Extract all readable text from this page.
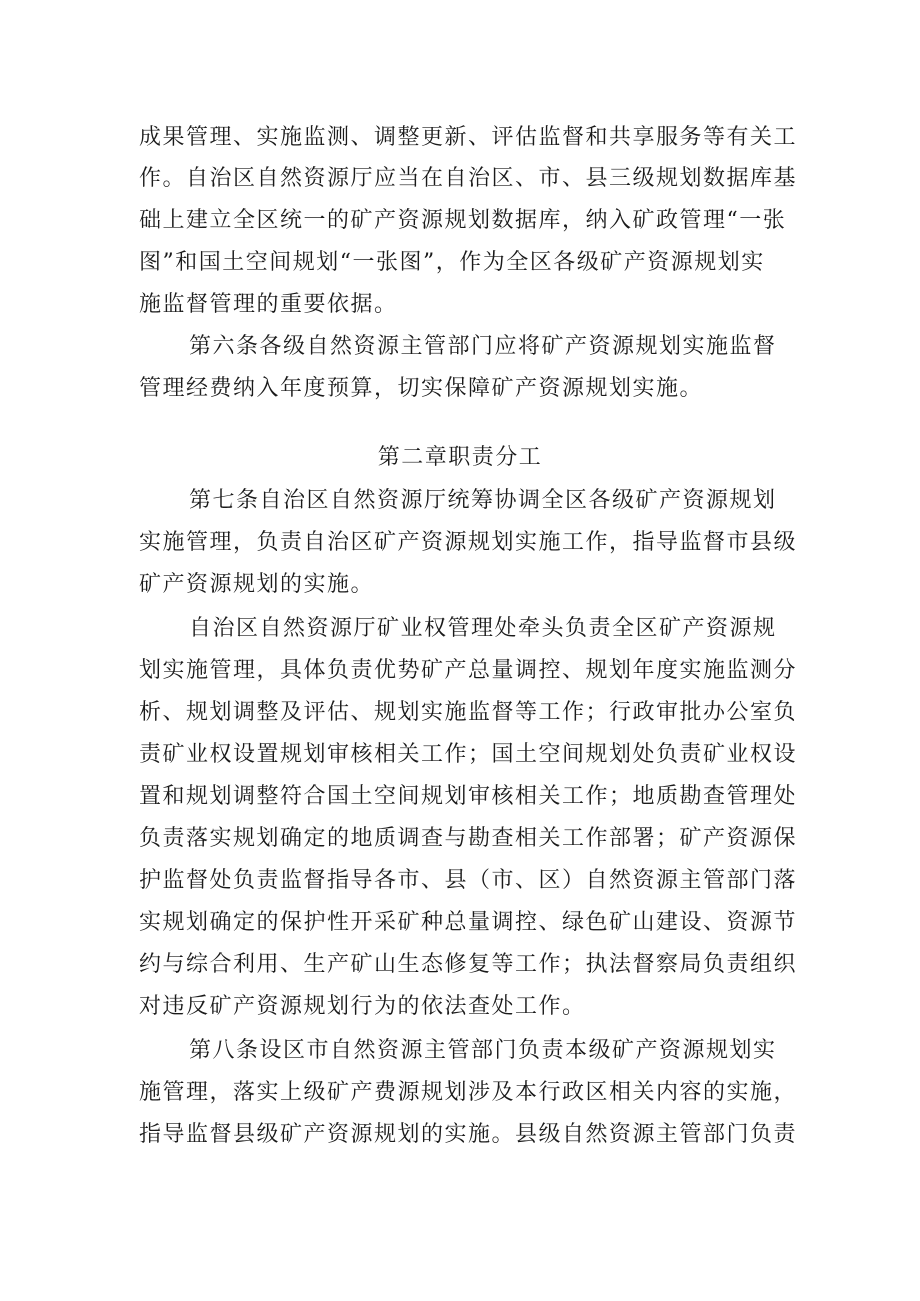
成果管理、实施监测、调整更新、评估监督和共享服务等有关工
作。自治区自然资源厅应当在自治区、市、县三级规划数据库基
础上建立全区统一的矿产资源规划数据库，纳入矿政管理“一张
图”和国土空间规划“一张图”，作为全区各级矿产资源规划实
施监督管理的重要依据。
第六条各级自然资源主管部门应将矿产资源规划实施监督
管理经费纳入年度预算，切实保障矿产资源规划实施。
第二章职责分工
第七条自治区自然资源厅统筹协调全区各级矿产资源规划
实施管理，负责自治区矿产资源规划实施工作，指导监督市县级
矿产资源规划的实施。
自治区自然资源厅矿业权管理处牵头负责全区矿产资源规
划实施管理，具体负责优势矿产总量调控、规划年度实施监测分
析、规划调整及评估、规划实施监督等工作；行政审批办公室负
责矿业权设置规划审核相关工作；国土空间规划处负责矿业权设
置和规划调整符合国土空间规划审核相关工作；地质勘查管理处
负责落实规划确定的地质调查与勘查相关工作部署；矿产资源保
护监督处负责监督指导各市、县（市、区）自然资源主管部门落
实规划确定的保护性开采矿种总量调控、绿色矿山建设、资源节
约与综合利用、生产矿山生态修复等工作；执法督察局负责组织
对违反矿产资源规划行为的依法查处工作。
第八条设区市自然资源主管部门负责本级矿产资源规划实
施管理，落实上级矿产费源规划涉及本行政区相关内容的实施，
指导监督县级矿产资源规划的实施。县级自然资源主管部门负责
